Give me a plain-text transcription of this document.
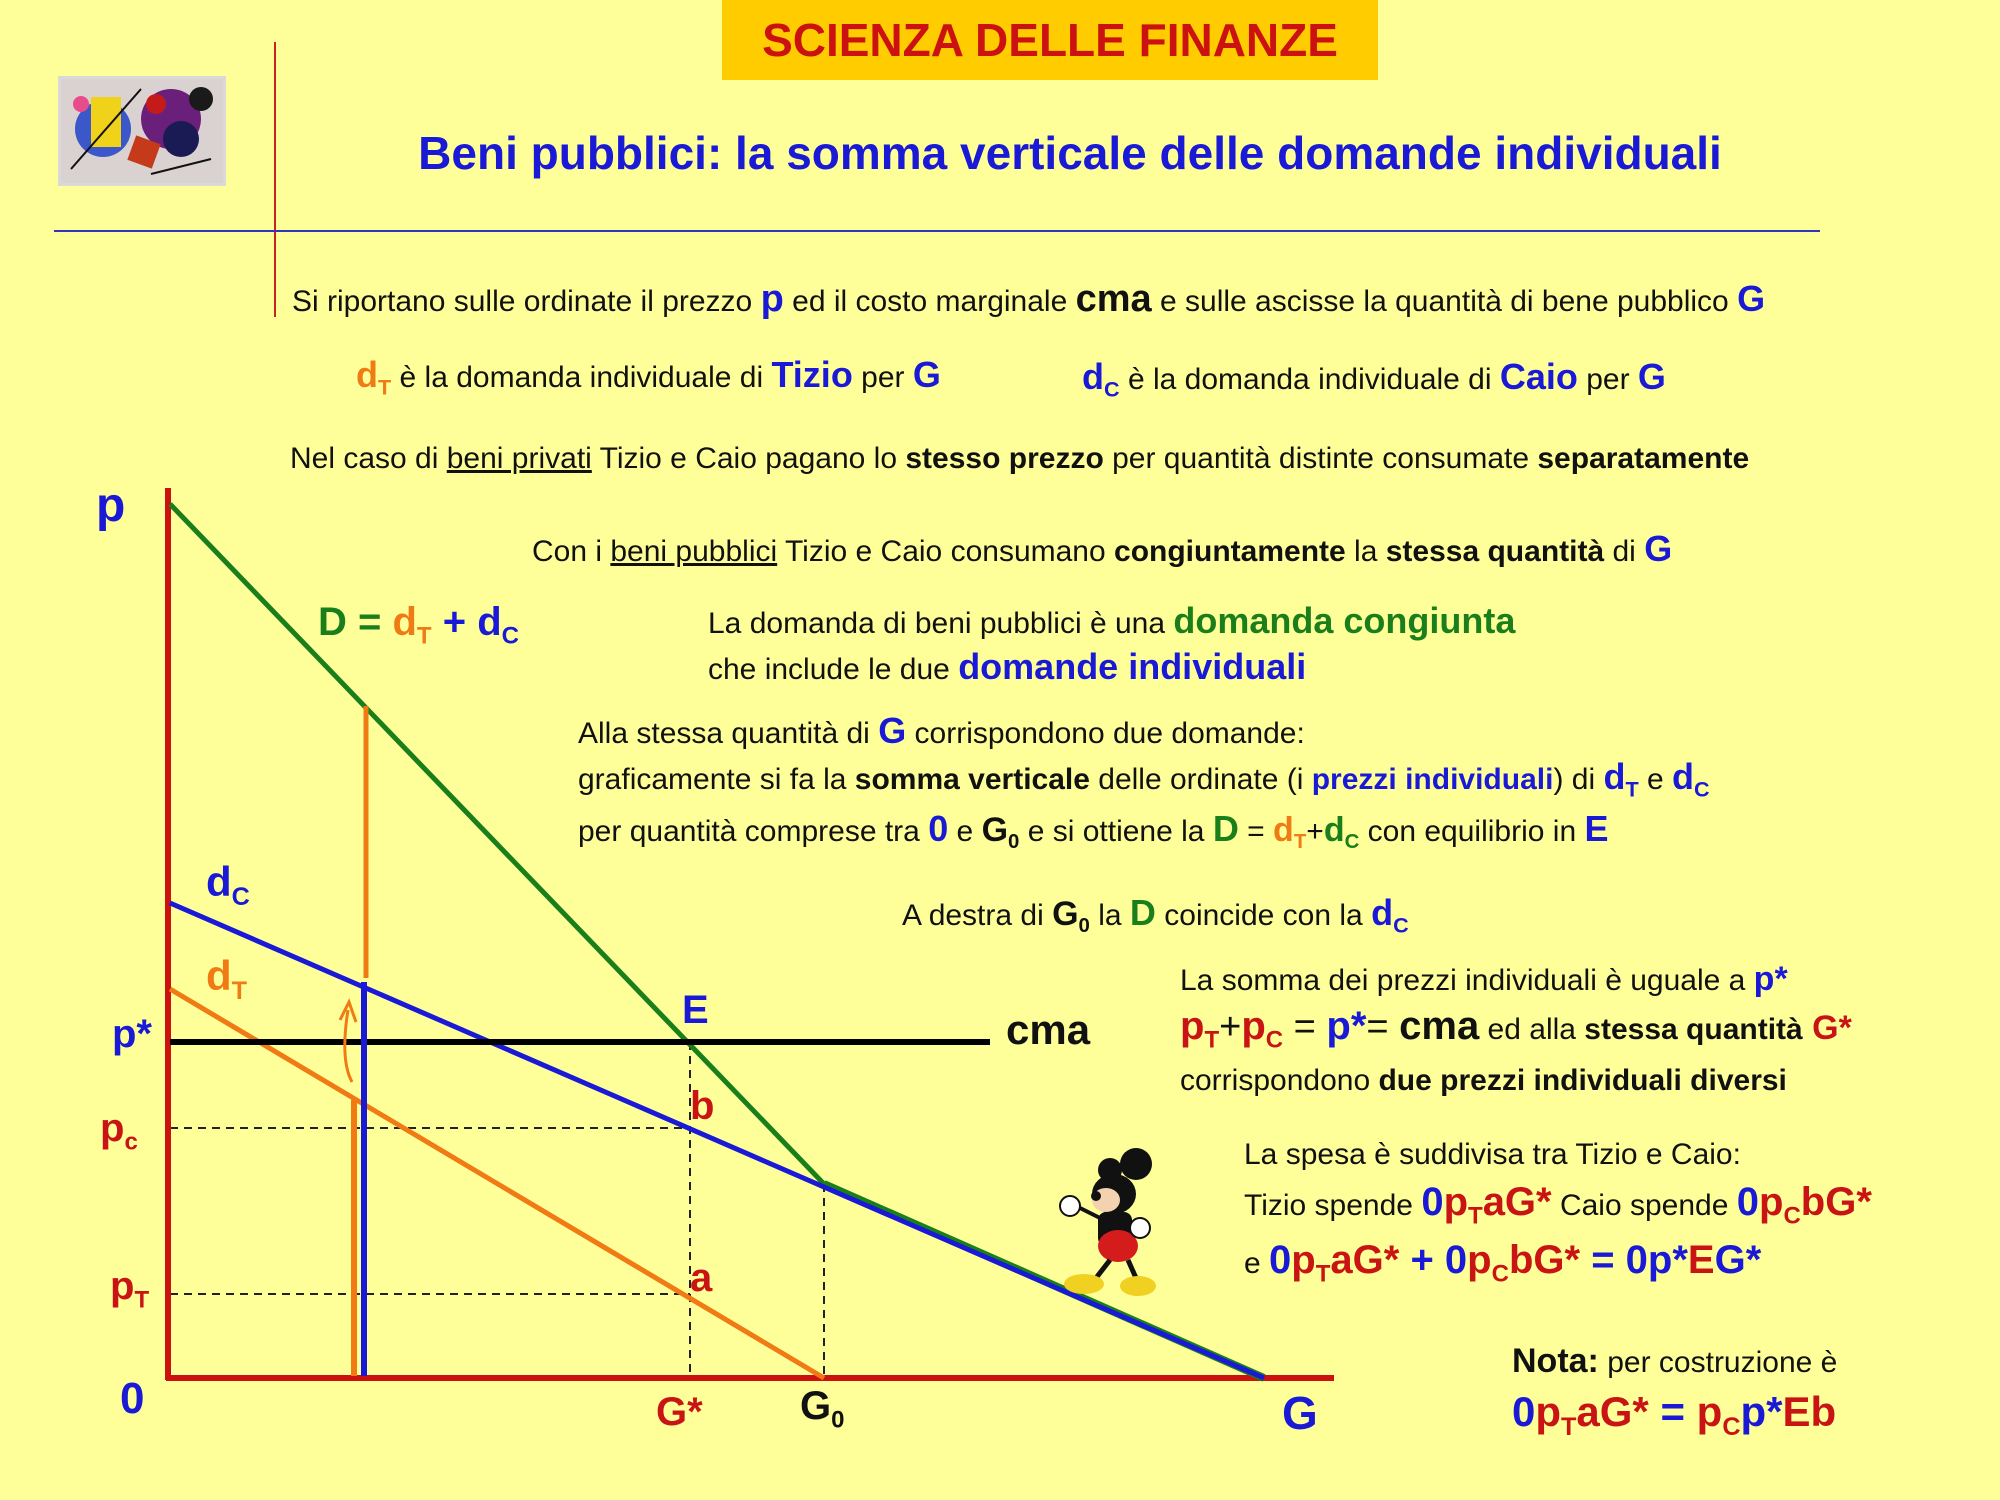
SCIENZA DELLE FINANZE
Beni pubblici: la somma verticale delle domande individuali
Si riportano sulle ordinate il prezzo p ed il costo marginale cma e sulle ascisse la quantità di bene pubblico G
$d_T$ è la domanda individuale di Tizio per G	$d_C$ è la domanda individuale di Caio per G
Nel caso di beni privati Tizio e Caio pagano lo stesso prezzo per quantità distinte consumate separatamente
Con i beni pubblici Tizio e Caio consumano congiuntamente la stessa quantità di G
La domanda di beni pubblici è una domanda congiunta
che include le due domande individuali
Alla stessa quantità di G corrispondono due domande:
graficamente si fa la somma verticale delle ordinate (i prezzi individuali) di $d_T$ e $d_C$
per quantità comprese tra 0 e $G_0$ e si ottiene la $D = d_T+d_C$ con equilibrio in E
A destra di $G_0$ la D coincide con la $d_C$
La somma dei prezzi individuali è uguale a p*
$p_T+p_C = p*=$ cma ed alla stessa quantità G*
corrispondono due prezzi individuali diversi
La spesa è suddivisa tra Tizio e Caio:
Tizio spende $0p_TaG*$ Caio spende $0p_CbG*$
e $0p_TaG* + 0p_CbG* = 0p*EG*$
Nota: per costruzione è
$0p_TaG* = p_Cp*Eb$
p
G
0
$D = d_T + d_C$
$d_C$
$d_T$
p*
$p_c$
$p_T$
E
b
a
cma
G* $G_0$
